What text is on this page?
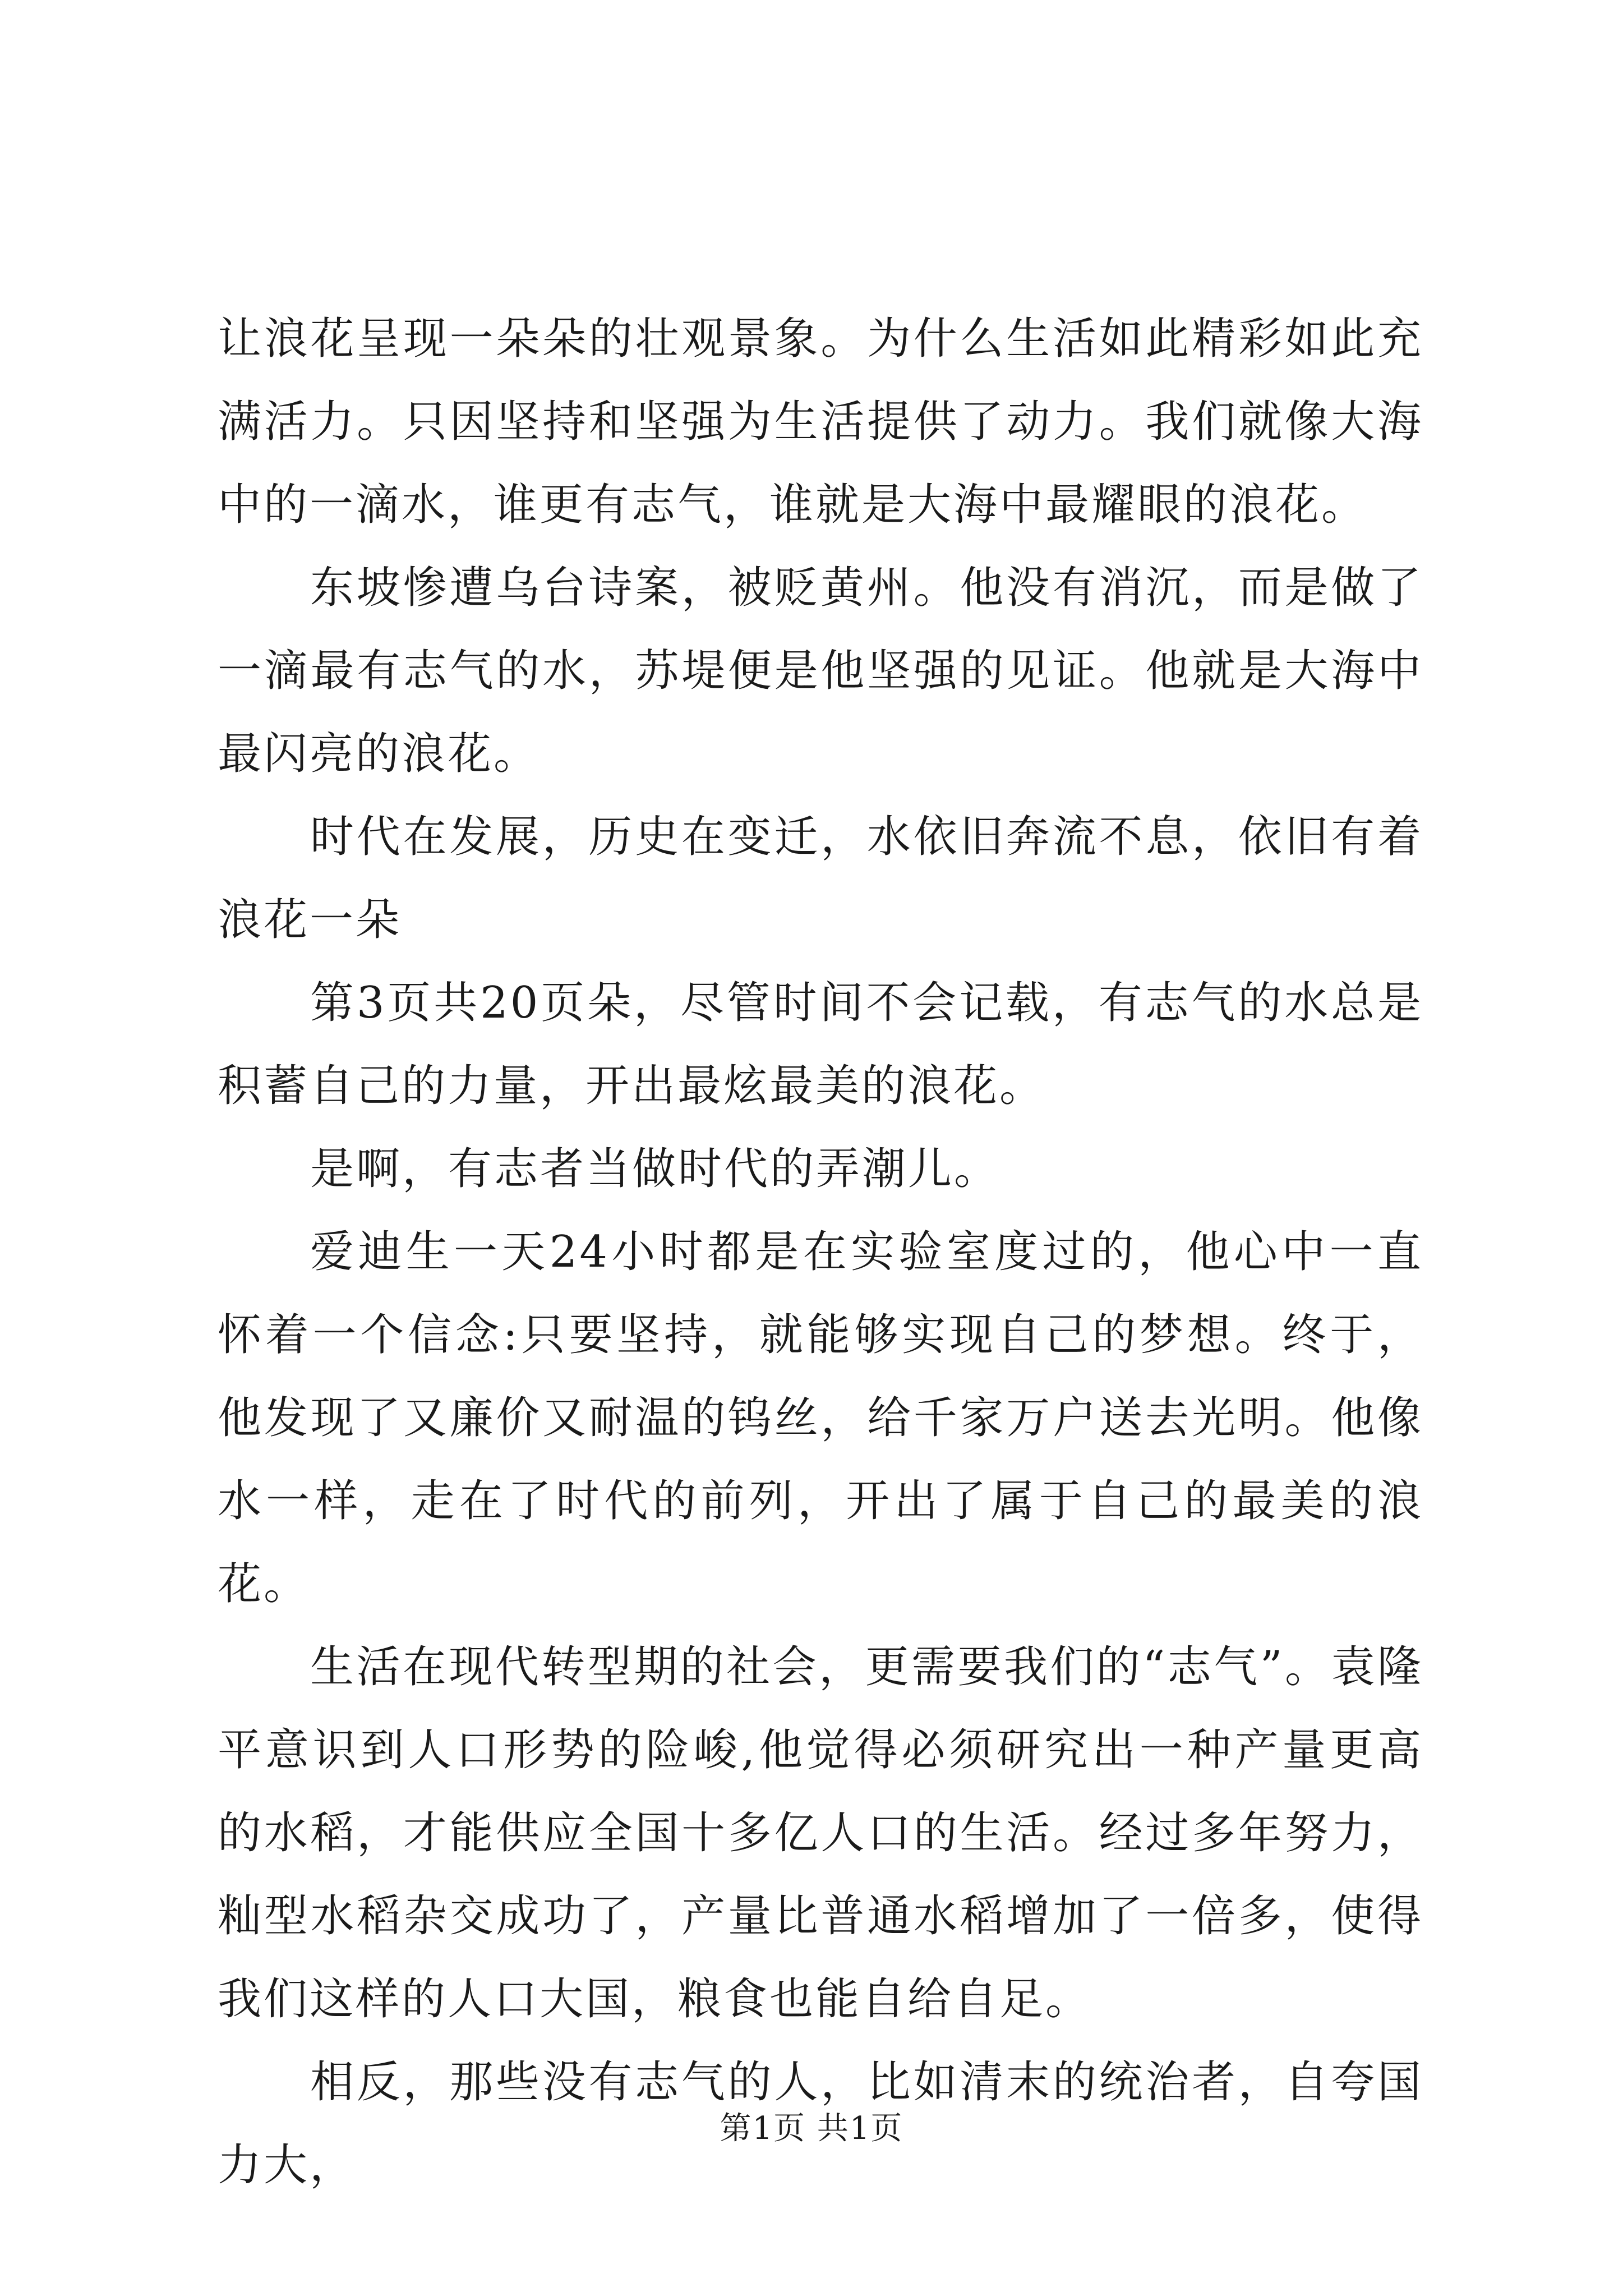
让浪花呈现一朵朵的壮观景象。为什么生活如此精彩如此充满活力。只因坚持和坚强为生活提供了动力。我们就像大海中的一滴水，谁更有志气，谁就是大海中最耀眼的浪花。

东坡惨遭乌台诗案，被贬黄州。他没有消沉，而是做了一滴最有志气的水，苏堤便是他坚强的见证。他就是大海中最闪亮的浪花。

时代在发展，历史在变迁，水依旧奔流不息，依旧有着浪花一朵

第3页共20页朵，尽管时间不会记载，有志气的水总是积蓄自己的力量，开出最炫最美的浪花。

是啊，有志者当做时代的弄潮儿。

爱迪生一天24小时都是在实验室度过的，他心中一直怀着一个信念:只要坚持，就能够实现自己的梦想。终于，他发现了又廉价又耐温的钨丝，给千家万户送去光明。他像水一样，走在了时代的前列，开出了属于自己的最美的浪花。

生活在现代转型期的社会，更需要我们的“志气”。袁隆平意识到人口形势的险峻,他觉得必须研究出一种产量更高的水稻，才能供应全国十多亿人口的生活。经过多年努力，籼型水稻杂交成功了，产量比普通水稻增加了一倍多，使得我们这样的人口大国，粮食也能自给自足。

相反，那些没有志气的人，比如清末的统治者，自夸国力大，

第1页 共1页
